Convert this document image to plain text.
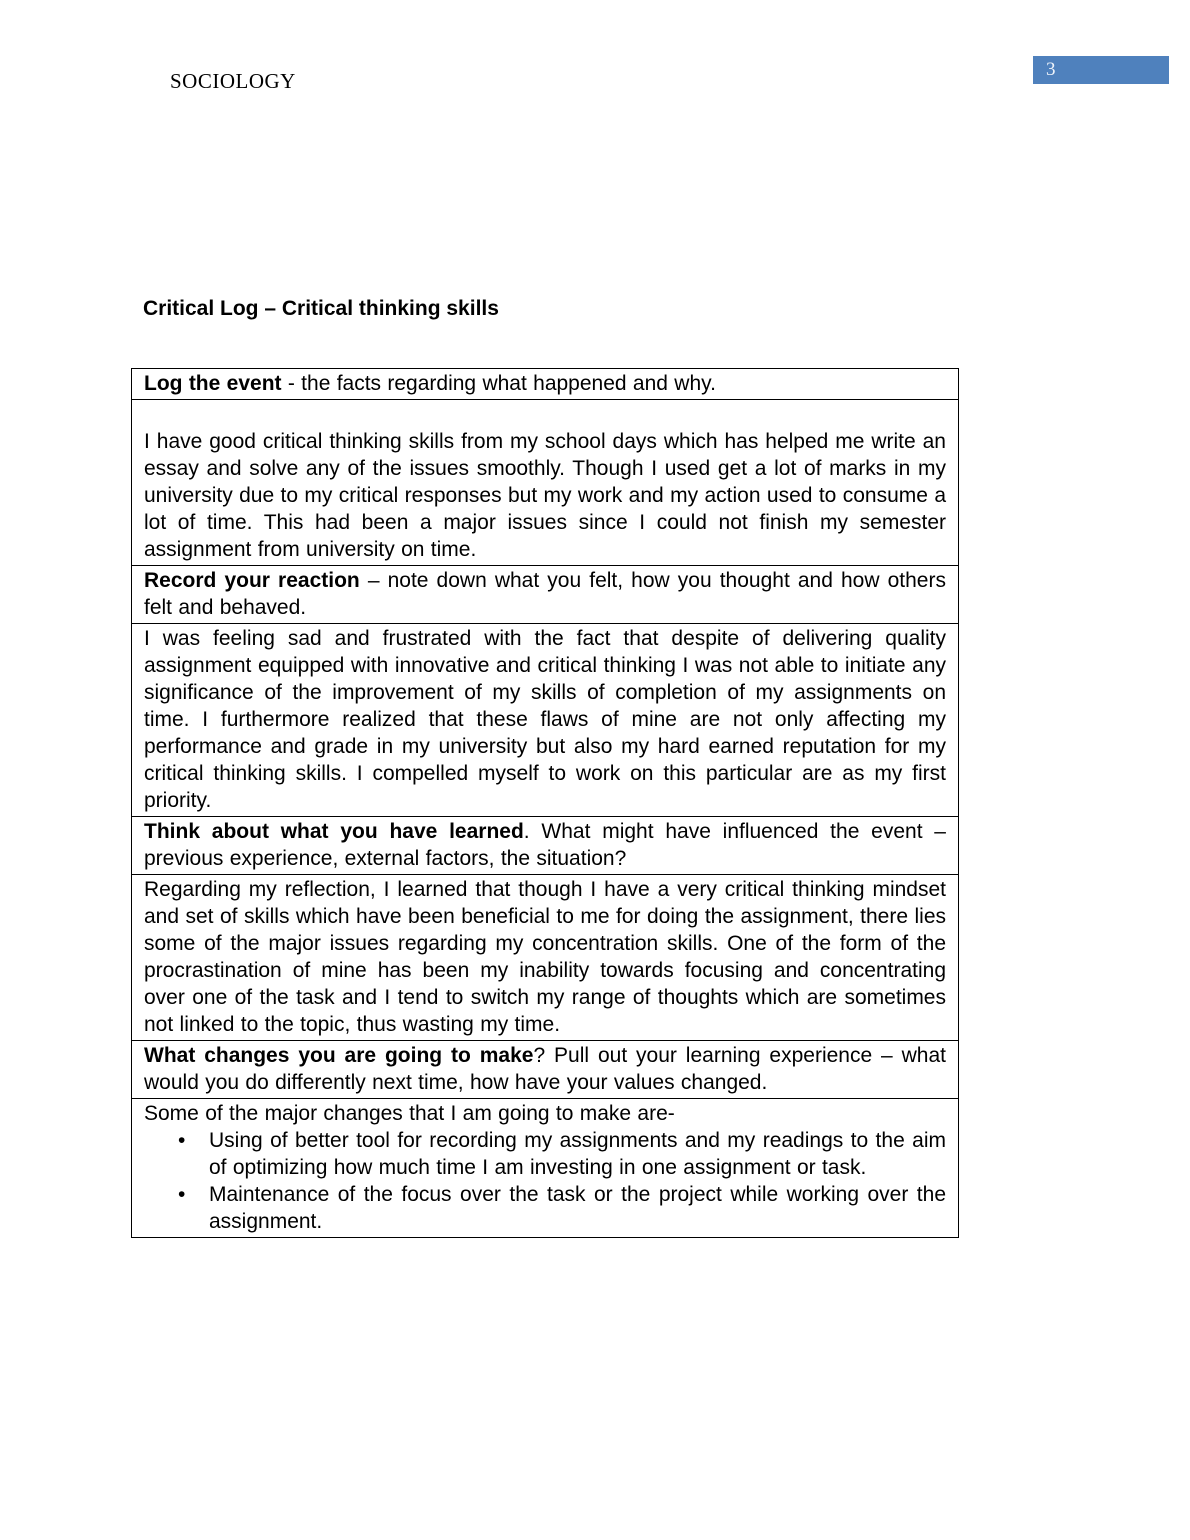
SOCIOLOGY	3
Critical Log – Critical thinking skills
Log the event - the facts regarding what happened and why.

I have good critical thinking skills from my school days which has helped me write an essay and solve any of the issues smoothly. Though I used get a lot of marks in my university due to my critical responses but my work and my action used to consume a lot of time. This had been a major issues since I could not finish my semester assignment from university on time.
Record your reaction – note down what you felt, how you thought and how others felt and behaved.
I was feeling sad and frustrated with the fact that despite of delivering quality assignment equipped with innovative and critical thinking I was not able to initiate any significance of the improvement of my skills of completion of my assignments on time. I furthermore realized that these flaws of mine are not only affecting my performance and grade in my university but also my hard earned reputation for my critical thinking skills. I compelled myself to work on this particular are as my first priority.
Think about what you have learned. What might have influenced the event – previous experience, external factors, the situation?
Regarding my reflection, I learned that though I have a very critical thinking mindset and set of skills which have been beneficial to me for doing the assignment, there lies some of the major issues regarding my concentration skills. One of the form of the procrastination of mine has been my inability towards focusing and concentrating over one of the task and I tend to switch my range of thoughts which are sometimes not linked to the topic, thus wasting my time.
What changes you are going to make? Pull out your learning experience – what would you do differently next time, how have your values changed.

Some of the major changes that I am going to make are-
• Using of better tool for recording my assignments and my readings to the aim of optimizing how much time I am investing in one assignment or task.
• Maintenance of the focus over the task or the project while working over the assignment.
